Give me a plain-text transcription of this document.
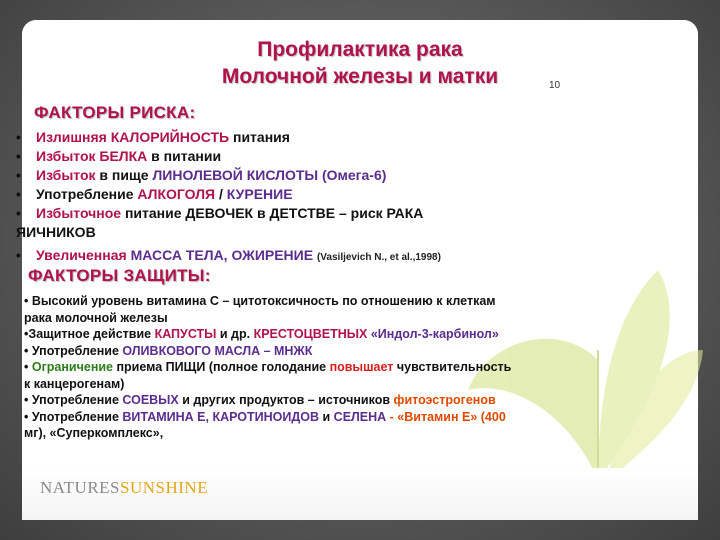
Профилактика рака
Молочной железы и матки	10
ФАКТОРЫ РИСКА:
• Излишняя КАЛОРИЙНОСТЬ питания
• Избыток БЕЛКА в питании
• Избыток в пище ЛИНОЛЕВОЙ КИСЛОТЫ (Омега-6)
• Употребление АЛКОГОЛЯ / КУРЕНИЕ
• Избыточное питание ДЕВОЧЕК в ДЕТСТВЕ – риск РАКА
ЯИЧНИКОВ
• Увеличенная МАССА ТЕЛА, ОЖИРЕНИЕ (Vasiljevich N., et al.,1998)
ФАКТОРЫ ЗАЩИТЫ:
• Высокий уровень витамина С – цитотоксичность по отношению к клеткам
рака молочной железы
•Защитное действие КАПУСТЫ и др. КРЕСТОЦВЕТНЫХ «Индол-3-карбинол»
• Употребление ОЛИВКОВОГО МАСЛА – МНЖК
• Ограничение приема ПИЩИ (полное голодание повышает чувствительность
к канцерогенам)
• Употребление СОЕВЫХ и других продуктов – источников фитоэстрогенов
• Употребление ВИТАМИНА Е, КАРОТИНОИДОВ и СЕЛЕНА - «Витамин Е» (400
мг), «Суперкомплекс»,
NATURESSUNSHINE
